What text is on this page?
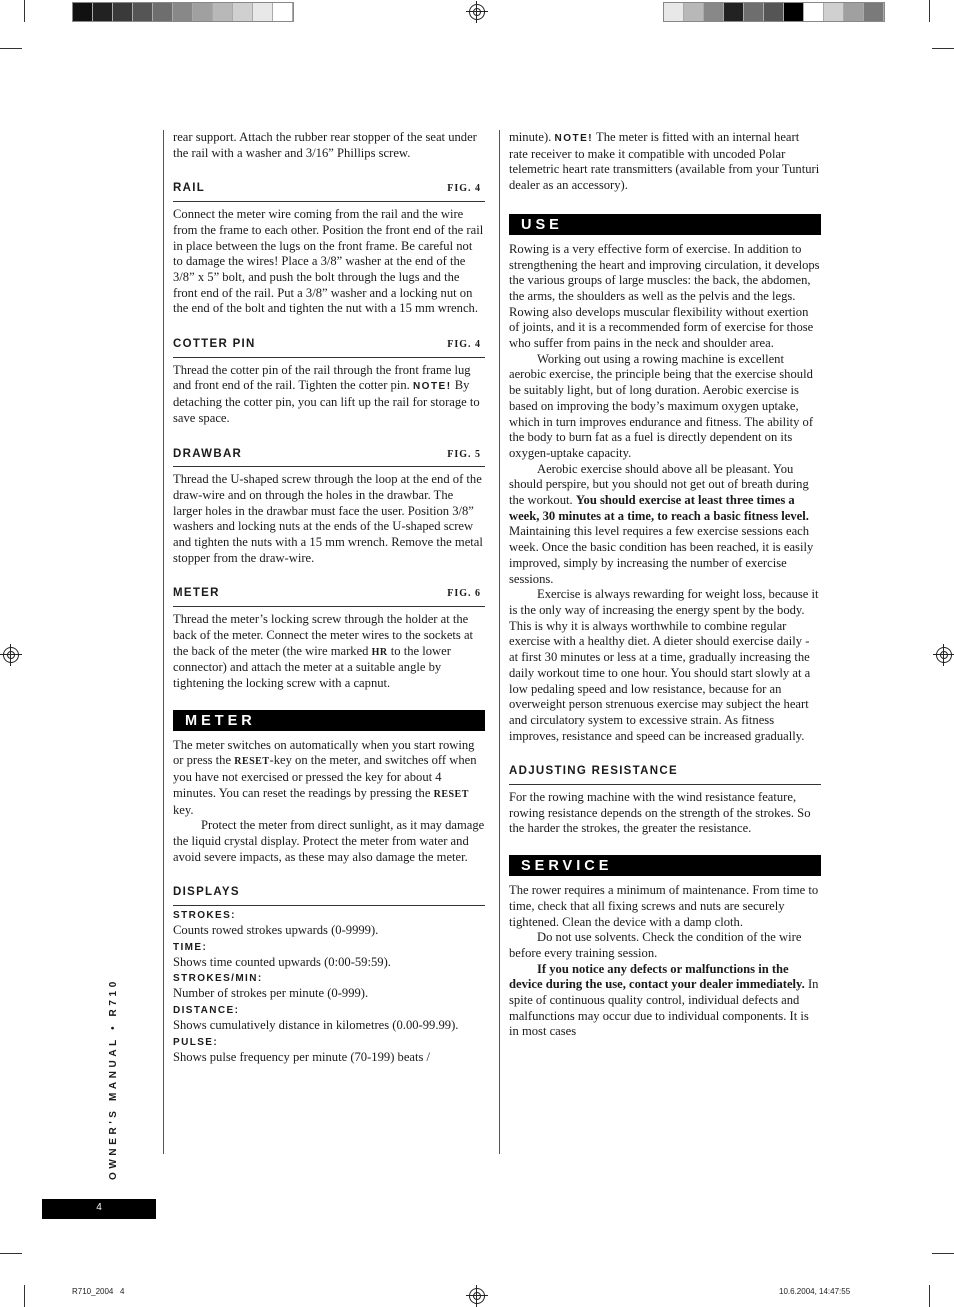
rear support. Attach the rubber rear stopper of the seat under the rail with a washer and 3/16” Phillips screw.

RAIL	FIG. 4

Connect the meter wire coming from the rail and the wire from the frame to each other. Position the front end of the rail in place between the lugs on the front frame. Be careful not to damage the wires! Place a 3/8” washer at the end of the 3/8” x 5” bolt, and push the bolt through the lugs and the front end of the rail. Put a 3/8” washer and a locking nut on the end of the bolt and tighten the nut with a 15 mm wrench.

COTTER PIN	FIG. 4

Thread the cotter pin of the rail through the front frame lug and front end of the rail. Tighten the cotter pin. NOTE! By detaching the cotter pin, you can lift up the rail for storage to save space.

DRAWBAR	FIG. 5

Thread the U-shaped screw through the loop at the end of the draw-wire and on through the holes in the drawbar. The larger holes in the drawbar must face the user. Position 3/8” washers and locking nuts at the ends of the U-shaped screw and tighten the nuts with a 15 mm wrench. Remove the metal stopper from the draw-wire.

METER	FIG. 6

Thread the meter’s locking screw through the holder at the back of the meter. Connect the meter wires to the sockets at the back of the meter (the wire marked HR to the lower connector) and attach the meter at a suitable angle by tightening the locking screw with a capnut.

METER

The meter switches on automatically when you start rowing or press the RESET-key on the meter, and switches off when you have not exercised or pressed the key for about 4 minutes. You can reset the readings by pressing the RESET key.

Protect the meter from direct sunlight, as it may damage the liquid crystal display. Protect the meter from water and avoid severe impacts, as these may also damage the meter.

DISPLAYS
STROKES:

Counts rowed strokes upwards (0-9999).

TIME:

Shows time counted upwards (0:00-59:59).

STROKES/MIN:

Number of strokes per minute (0-999).

DISTANCE:

Shows cumulatively distance in kilometres (0.00-99.99).

PULSE:

Shows pulse frequency per minute (70-199) beats /

minute). NOTE! The meter is fitted with an internal heart rate receiver to make it compatible with uncoded Polar telemetric heart rate transmitters (available from your Tunturi dealer as an accessory).

USE

Rowing is a very effective form of exercise. In addition to strengthening the heart and improving circulation, it develops the various groups of large muscles: the back, the abdomen, the arms, the shoulders as well as the pelvis and the legs. Rowing also develops muscular flexibility without exertion of joints, and it is a recommended form of exercise for those who suffer from pains in the neck and shoulder area.

Working out using a rowing machine is excellent aerobic exercise, the principle being that the exercise should be suitably light, but of long duration. Aerobic exercise is based on improving the body’s maximum oxygen uptake, which in turn improves endurance and fitness. The ability of the body to burn fat as a fuel is directly dependent on its oxygen-uptake capacity.

Aerobic exercise should above all be pleasant. You should perspire, but you should not get out of breath during the workout. You should exercise at least three times a week, 30 minutes at a time, to reach a basic fitness level. Maintaining this level requires a few exercise sessions each week. Once the basic condition has been reached, it is easily improved, simply by increasing the number of exercise sessions.

Exercise is always rewarding for weight loss, because it is the only way of increasing the energy spent by the body. This is why it is always worthwhile to combine regular exercise with a healthy diet. A dieter should exercise daily - at first 30 minutes or less at a time, gradually increasing the daily workout time to one hour. You should start slowly at a low pedaling speed and low resistance, because for an overweight person strenuous exercise may subject the heart and circulatory system to excessive strain. As fitness improves, resistance and speed can be increased gradually.

ADJUSTING RESISTANCE

For the rowing machine with the wind resistance feature, rowing resistance depends on the strength of the strokes. So the harder the strokes, the greater the resistance.

SERVICE

The rower requires a minimum of maintenance. From time to time, check that all fixing screws and nuts are securely tightened. Clean the device with a damp cloth.

Do not use solvents. Check the condition of the wire before every training session.

If you notice any defects or malfunctions in the device during the use, contact your dealer immediately. In spite of continuous quality control, individual defects and malfunctions may occur due to individual components. It is in most cases

OWNER'S MANUAL • R710
4
R710_2004   4	10.6.2004, 14:47:55
